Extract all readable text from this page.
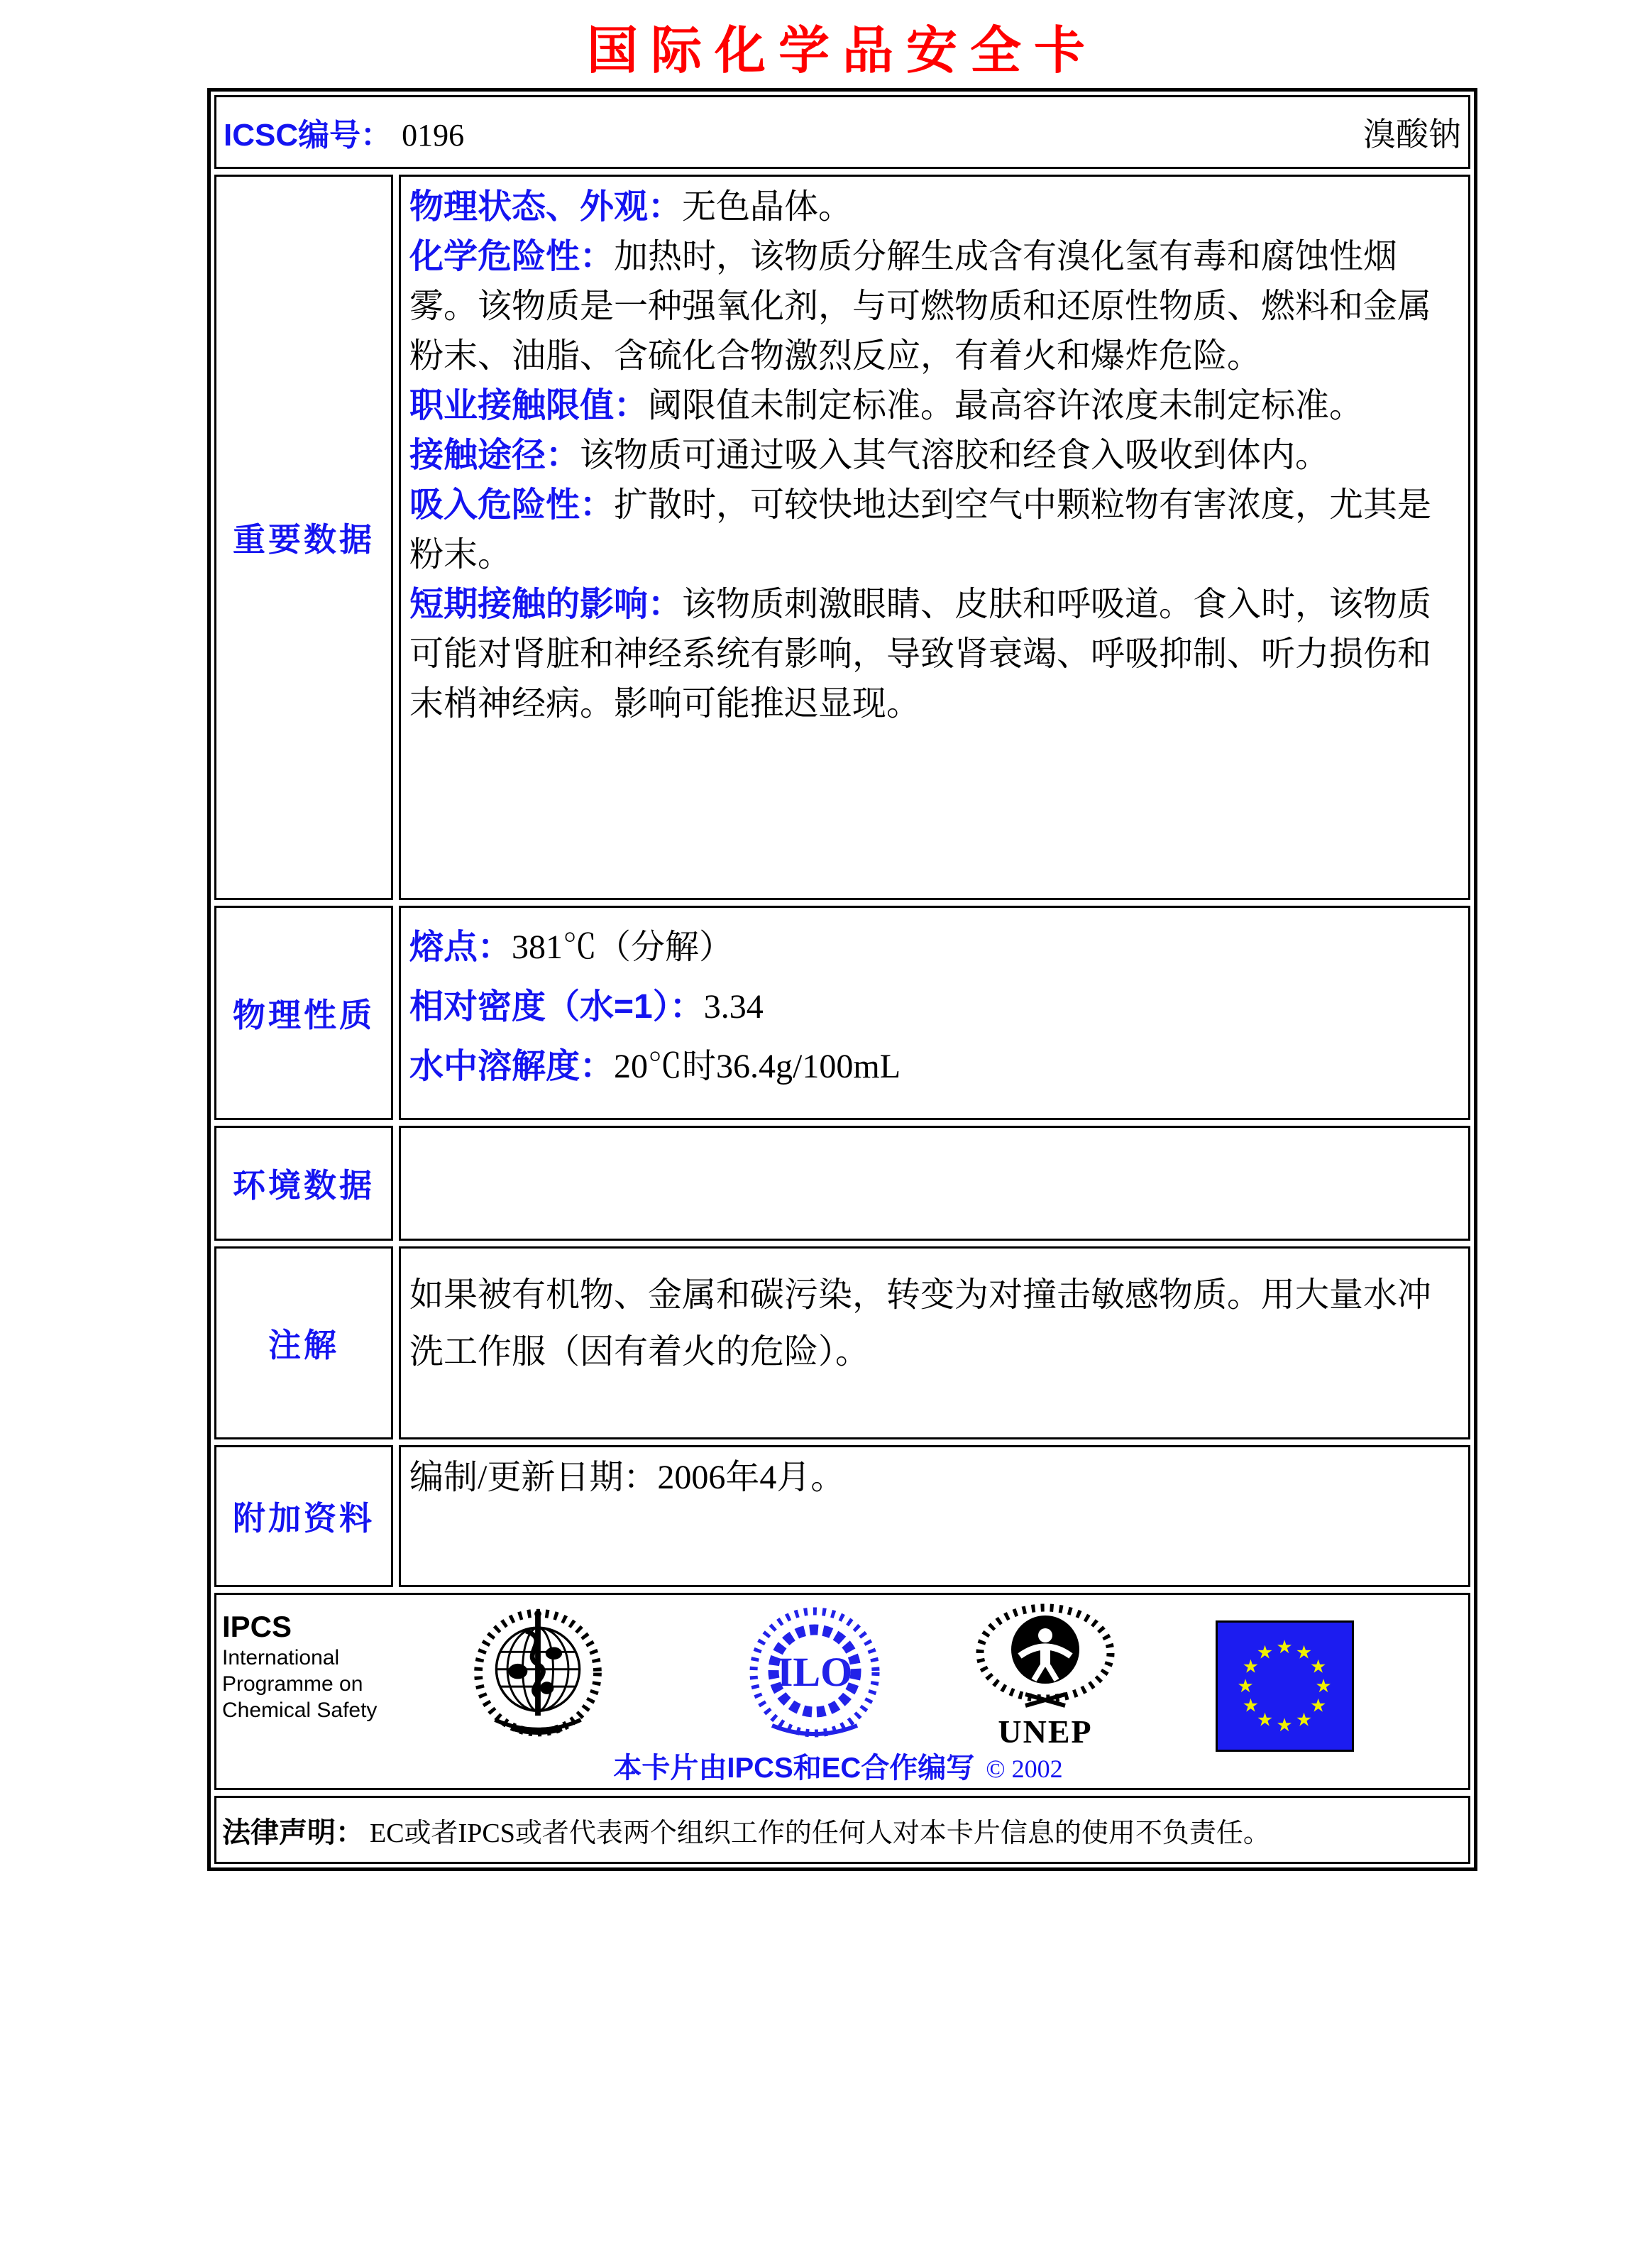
国际化学品安全卡
ICSC编号： 0196	溴酸钠
重要数据

物理状态、外观：无色晶体。

化学危险性：加热时，该物质分解生成含有溴化氢有毒和腐蚀性烟雾。该物质是一种强氧化剂，与可燃物质和还原性物质、燃料和金属粉末、油脂、含硫化合物激烈反应，有着火和爆炸危险。

职业接触限值：阈限值未制定标准。最高容许浓度未制定标准。

接触途径：该物质可通过吸入其气溶胶和经食入吸收到体内。

吸入危险性：扩散时，可较快地达到空气中颗粒物有害浓度，尤其是粉末。

短期接触的影响：该物质刺激眼睛、皮肤和呼吸道。食入时，该物质可能对肾脏和神经系统有影响，导致肾衰竭、呼吸抑制、听力损伤和末梢神经病。影响可能推迟显现。

物理性质

熔点：381℃（分解）

相对密度（水=1）：3.34

水中溶解度：20℃时36.4g/100mL

环境数据
注解
如果被有机物、金属和碳污染，转变为对撞击敏感物质。用大量水冲洗工作服（因有着火的危险）。
附加资料
编制/更新日期：2006年4月。
IPCS
International
Programme on
Chemical Safety
ILO
UNEP
★ ★
★
★
★
★
★
★
★
★
★
★
本卡片由IPCS和EC合作编写 © 2002
法律声明： EC或者IPCS或者代表两个组织工作的任何人对本卡片信息的使用不负责任。
